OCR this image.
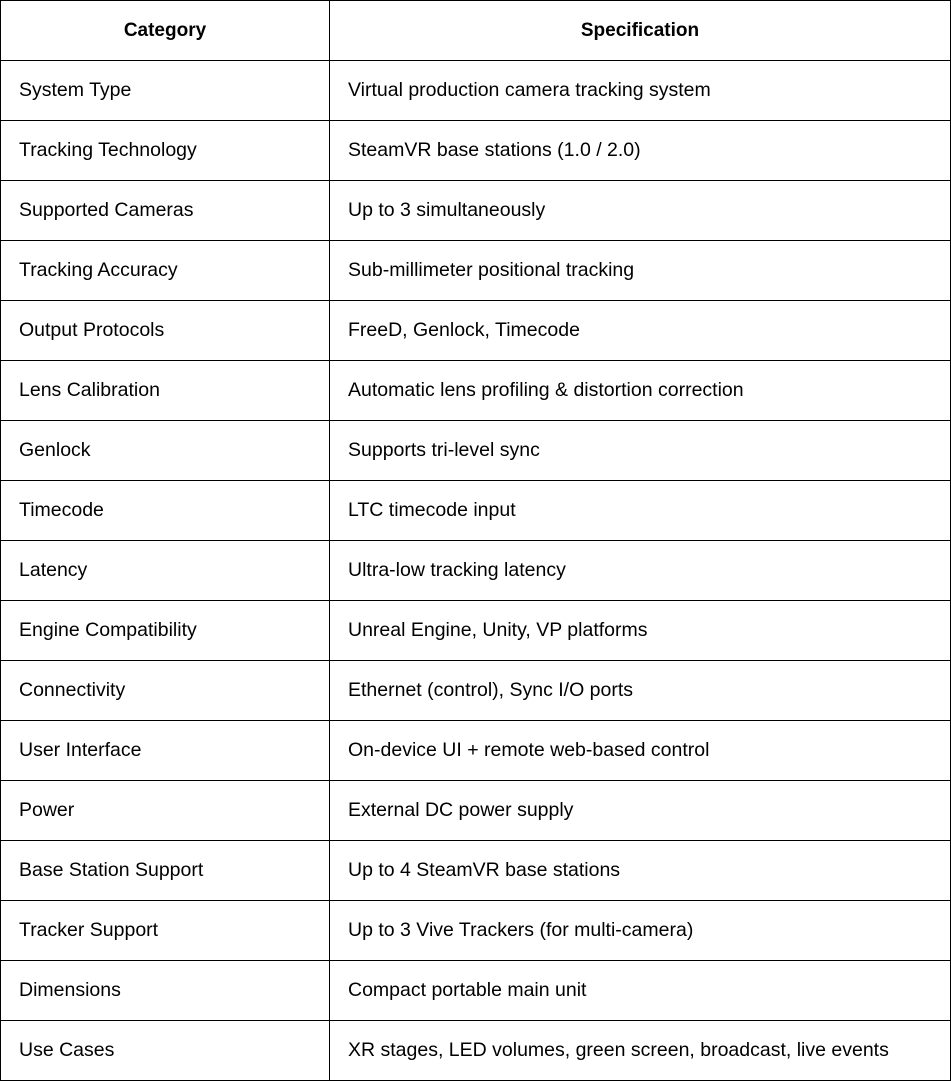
Category	Specification
System Type	Virtual production camera tracking system
Tracking Technology	SteamVR base stations (1.0 / 2.0)
Supported Cameras	Up to 3 simultaneously
Tracking Accuracy	Sub-millimeter positional tracking
Output Protocols	FreeD, Genlock, Timecode
Lens Calibration	Automatic lens profiling & distortion correction
Genlock	Supports tri-level sync
Timecode	LTC timecode input
Latency	Ultra-low tracking latency
Engine Compatibility	Unreal Engine, Unity, VP platforms
Connectivity	Ethernet (control), Sync I/O ports
User Interface	On-device UI + remote web-based control
Power	External DC power supply
Base Station Support	Up to 4 SteamVR base stations
Tracker Support	Up to 3 Vive Trackers (for multi-camera)
Dimensions	Compact portable main unit
Use Cases	XR stages, LED volumes, green screen, broadcast, live events
